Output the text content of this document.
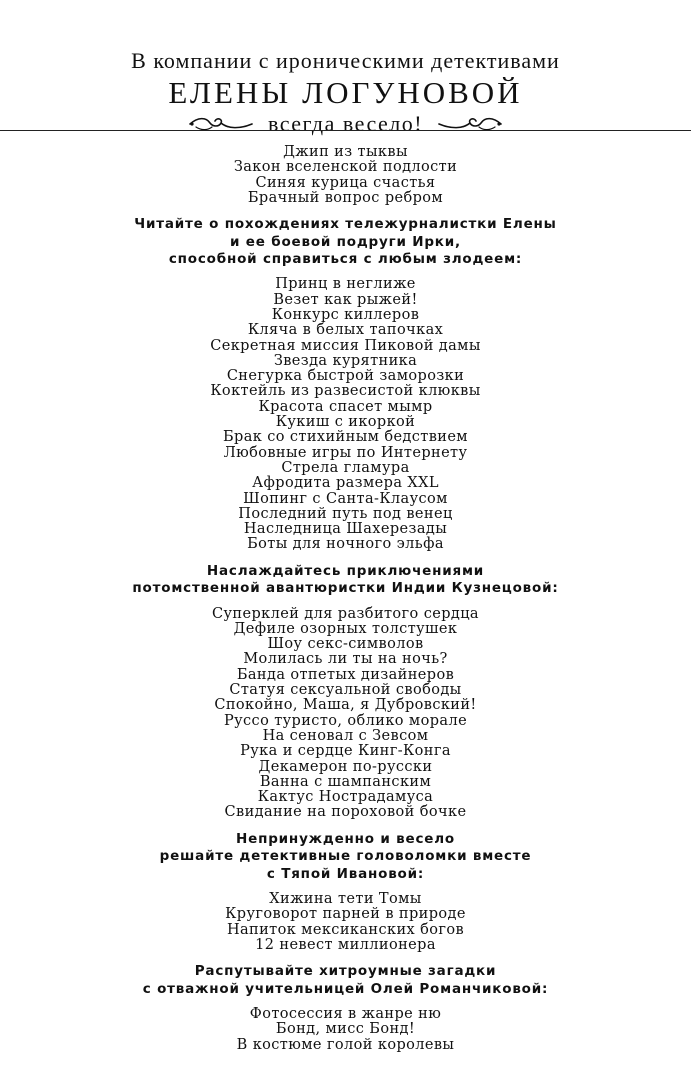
В компании с ироническими детективами
ЕЛЕНЫ ЛОГУНОВОЙ
всегда весело!
Джип из тыквы
Закон вселенской подлости
Синяя курица счастья
Брачный вопрос ребром
Читайте о похождениях тележурналистки Елены
и ее боевой подруги Ирки,
способной справиться с любым злодеем:
Принц в неглиже
Везет как рыжей!
Конкурс киллеров
Кляча в белых тапочках
Секретная миссия Пиковой дамы
Звезда курятника
Снегурка быстрой заморозки
Коктейль из развесистой клюквы
Красота спасет мымр
Кукиш с икоркой
Брак со стихийным бедствием
Любовные игры по Интернету
Стрела гламура
Афродита размера XXL
Шопинг с Санта-Клаусом
Последний путь под венец
Наследница Шахерезады
Боты для ночного эльфа
Наслаждайтесь приключениями
потомственной авантюристки Индии Кузнецовой:
Суперклей для разбитого сердца
Дефиле озорных толстушек
Шоу секс-символов
Молилась ли ты на ночь?
Банда отпетых дизайнеров
Статуя сексуальной свободы
Спокойно, Маша, я Дубровский!
Руссо туристо, облико морале
На сеновал с Зевсом
Рука и сердце Кинг-Конга
Декамерон по-русски
Ванна с шампанским
Кактус Нострадамуса
Свидание на пороховой бочке
Непринужденно и весело
решайте детективные головоломки вместе
с Тяпой Ивановой:
Хижина тети Томы
Круговорот парней в природе
Напиток мексиканских богов
12 невест миллионера
Распутывайте хитроумные загадки
с отважной учительницей Олей Романчиковой:
Фотосессия в жанре ню
Бонд, мисс Бонд!
В костюме голой королевы
